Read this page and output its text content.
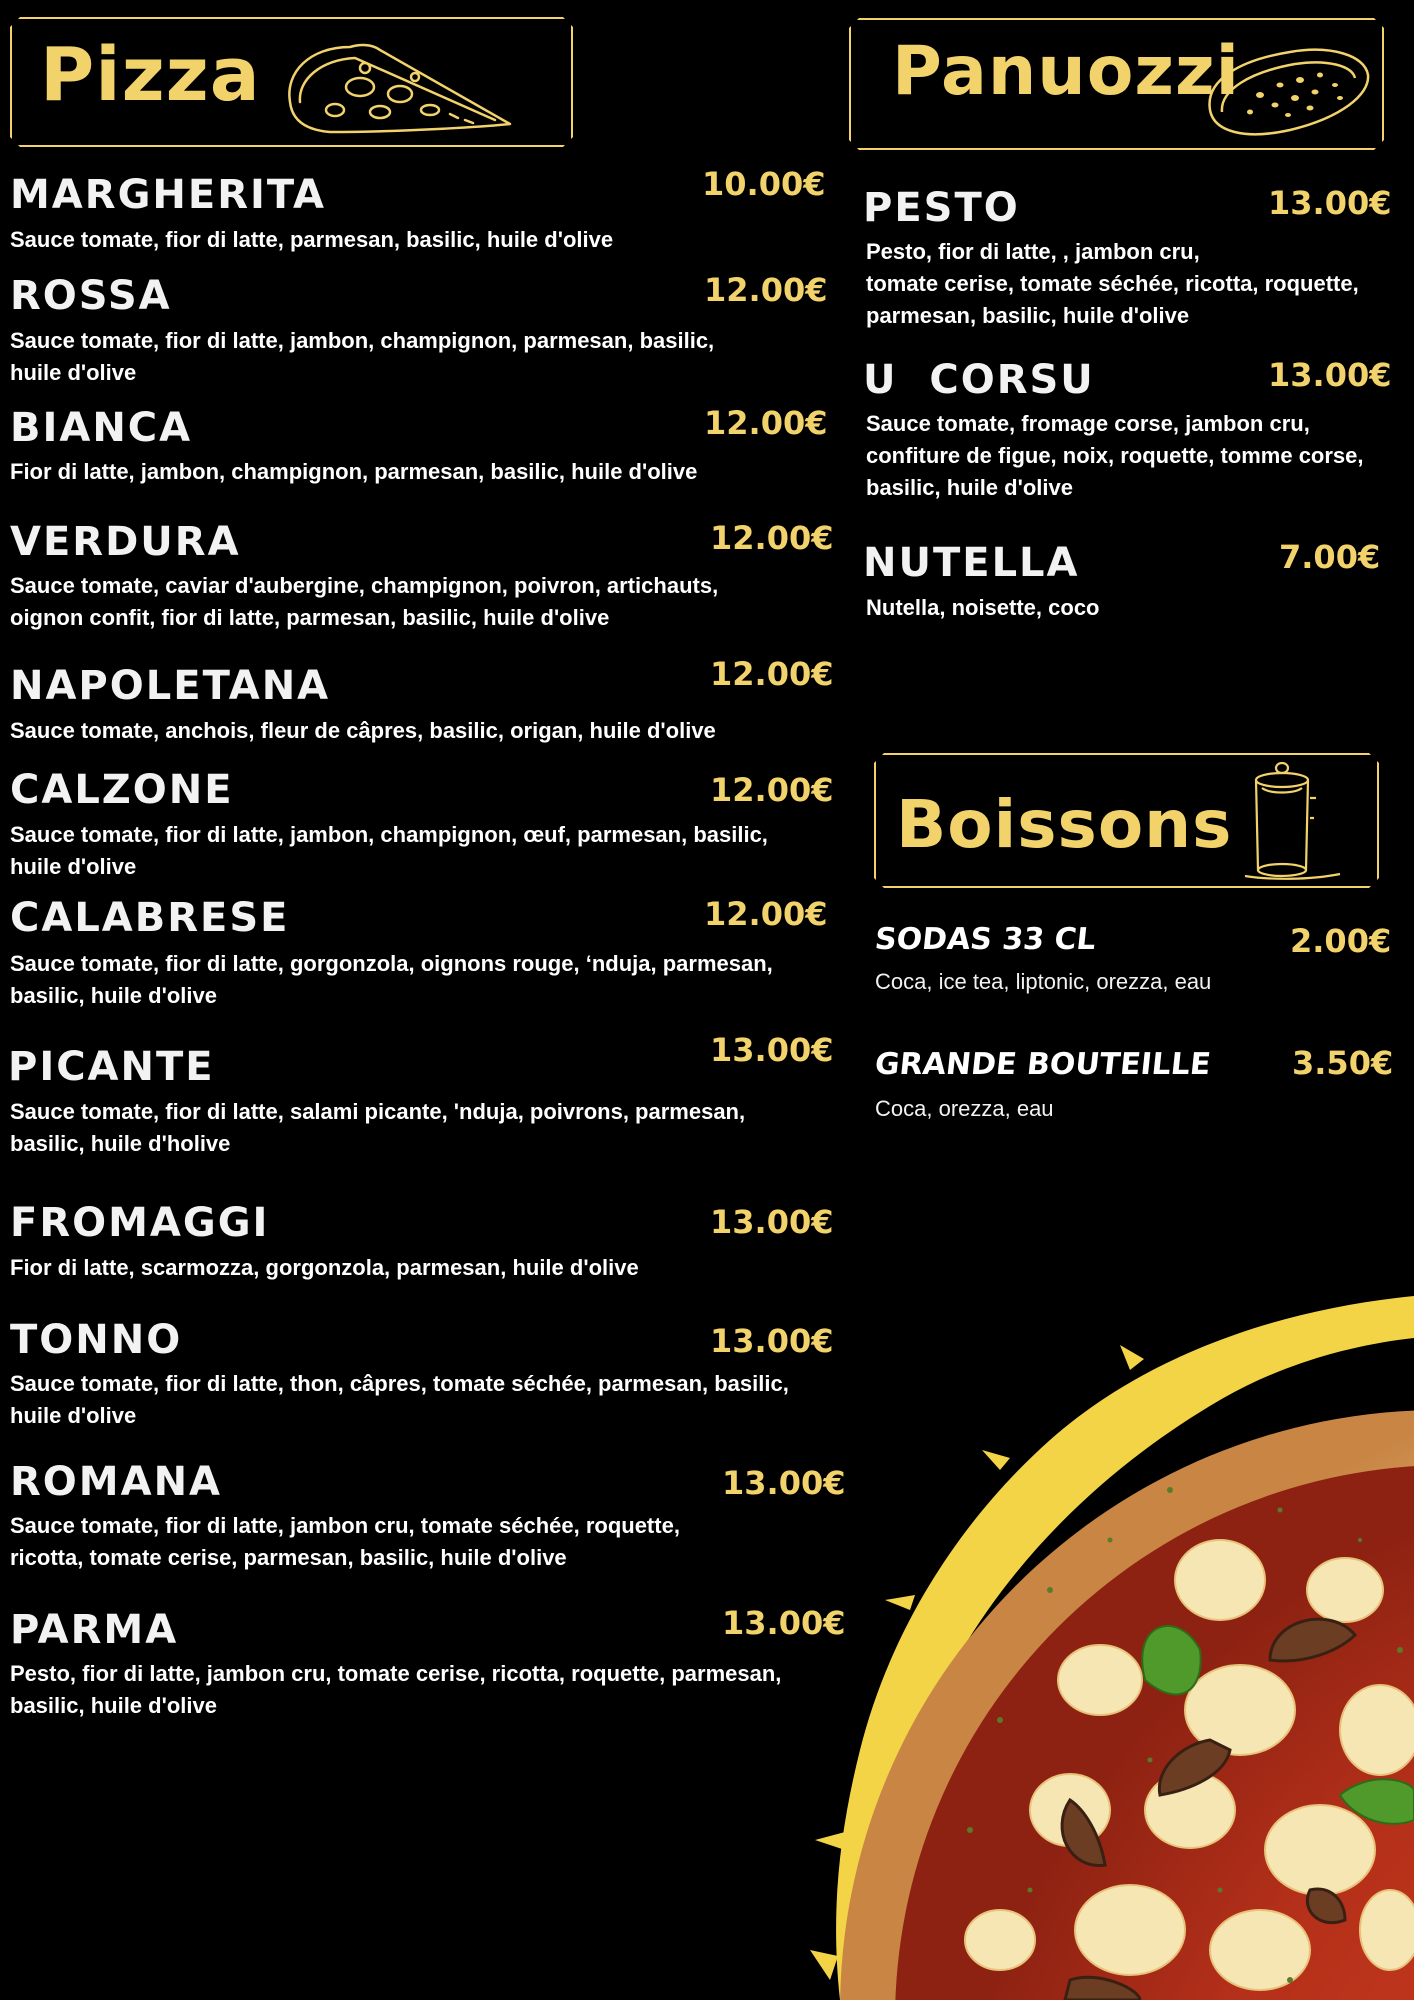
Pizza
MARGHERITA	10.00€
Sauce tomate, fior di latte, parmesan, basilic, huile d'olive
ROSSA	12.00€
Sauce tomate, fior di latte, jambon, champignon, parmesan, basilic,
huile d'olive
BIANCA	12.00€
Fior di latte, jambon, champignon, parmesan, basilic, huile d'olive
VERDURA	12.00€
Sauce tomate, caviar d'aubergine, champignon, poivron, artichauts,
oignon confit, fior di latte, parmesan, basilic, huile d'olive
NAPOLETANA	12.00€
Sauce tomate, anchois, fleur de câpres, basilic, origan, huile d'olive
CALZONE	12.00€
Sauce tomate, fior di latte, jambon, champignon, œuf, parmesan, basilic,
huile d'olive
CALABRESE	12.00€
Sauce tomate, fior di latte, gorgonzola, oignons rouge, ‘nduja, parmesan,
basilic, huile d'olive
PICANTE	13.00€
Sauce tomate, fior di latte, salami picante, 'nduja, poivrons, parmesan,
basilic, huile d'holive
FROMAGGI	13.00€
Fior di latte, scarmozza, gorgonzola, parmesan, huile d'olive
TONNO	13.00€
Sauce tomate, fior di latte, thon, câpres, tomate séchée, parmesan, basilic,
huile d'olive
ROMANA	13.00€
Sauce tomate, fior di latte, jambon cru, tomate séchée, roquette,
ricotta, tomate cerise, parmesan, basilic, huile d'olive
PARMA	13.00€
Pesto, fior di latte, jambon cru, tomate cerise, ricotta, roquette, parmesan,
basilic, huile d'olive
Panuozzi
PESTO	13.00€
Pesto, fior di latte, , jambon cru,
tomate cerise, tomate séchée, ricotta, roquette,
parmesan, basilic, huile d'olive
U  CORSU	13.00€
Sauce tomate, fromage corse, jambon cru,
confiture de figue, noix, roquette, tomme corse,
basilic, huile d'olive
NUTELLA	7.00€
Nutella, noisette, coco
Boissons
SODAS 33 CL	2.00€
Coca, ice tea, liptonic, orezza, eau
GRANDE BOUTEILLE 3.50€
Coca, orezza, eau
